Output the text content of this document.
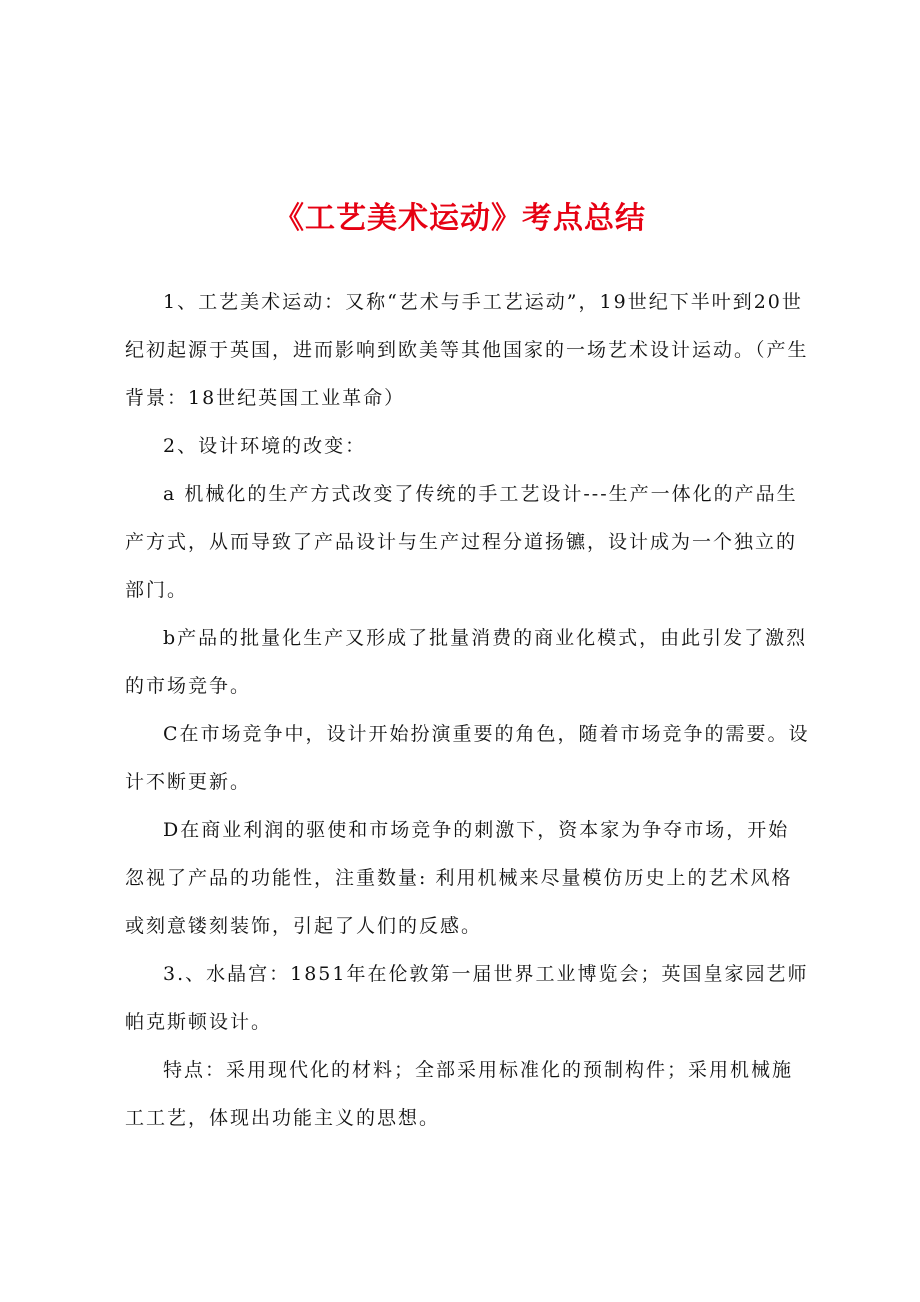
《工艺美术运动》考点总结

1、工艺美术运动：又称“艺术与手工艺运动”，19世纪下半叶到20世纪初起源于英国，进而影响到欧美等其他国家的一场艺术设计运动。（产生背景：18世纪英国工业革命）

2、设计环境的改变：

a 机械化的生产方式改变了传统的手工艺设计---生产一体化的产品生产方式，从而导致了产品设计与生产过程分道扬镳，设计成为一个独立的部门。

b产品的批量化生产又形成了批量消费的商业化模式，由此引发了激烈的市场竞争。

C在市场竞争中，设计开始扮演重要的角色，随着市场竞争的需要。设计不断更新。

D在商业利润的驱使和市场竞争的刺激下，资本家为争夺市场，开始忽视了产品的功能性，注重数量: 利用机械来尽量模仿历史上的艺术风格或刻意镂刻装饰，引起了人们的反感。

3.、水晶宫：1851年在伦敦第一届世界工业博览会；英国皇家园艺师帕克斯顿设计。

特点：采用现代化的材料；全部采用标准化的预制构件；采用机械施工工艺，体现出功能主义的思想。
